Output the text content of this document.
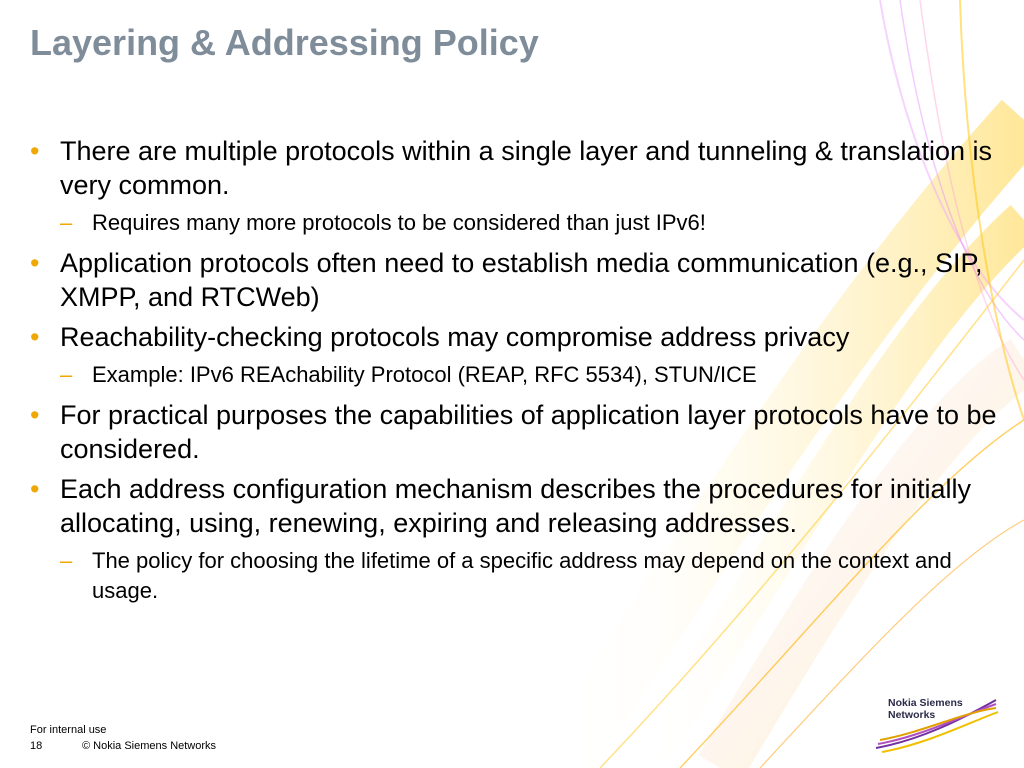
Layering & Addressing Policy
• There are multiple protocols within a single layer and tunneling & translation is very common.
– Requires many more protocols to be considered than just IPv6!
• Application protocols often need to establish media communication (e.g., SIP, XMPP, and RTCWeb)
• Reachability-checking protocols may compromise address privacy
– Example: IPv6 REAchability Protocol (REAP, RFC 5534), STUN/ICE
• For practical purposes the capabilities of application layer protocols have to be considered.
• Each address configuration mechanism describes the procedures for initially allocating, using, renewing, expiring and releasing addresses.
– The policy for choosing the lifetime of a specific address may depend on the context and usage.
For internal use
18	© Nokia Siemens Networks
Nokia Siemens
Networks
